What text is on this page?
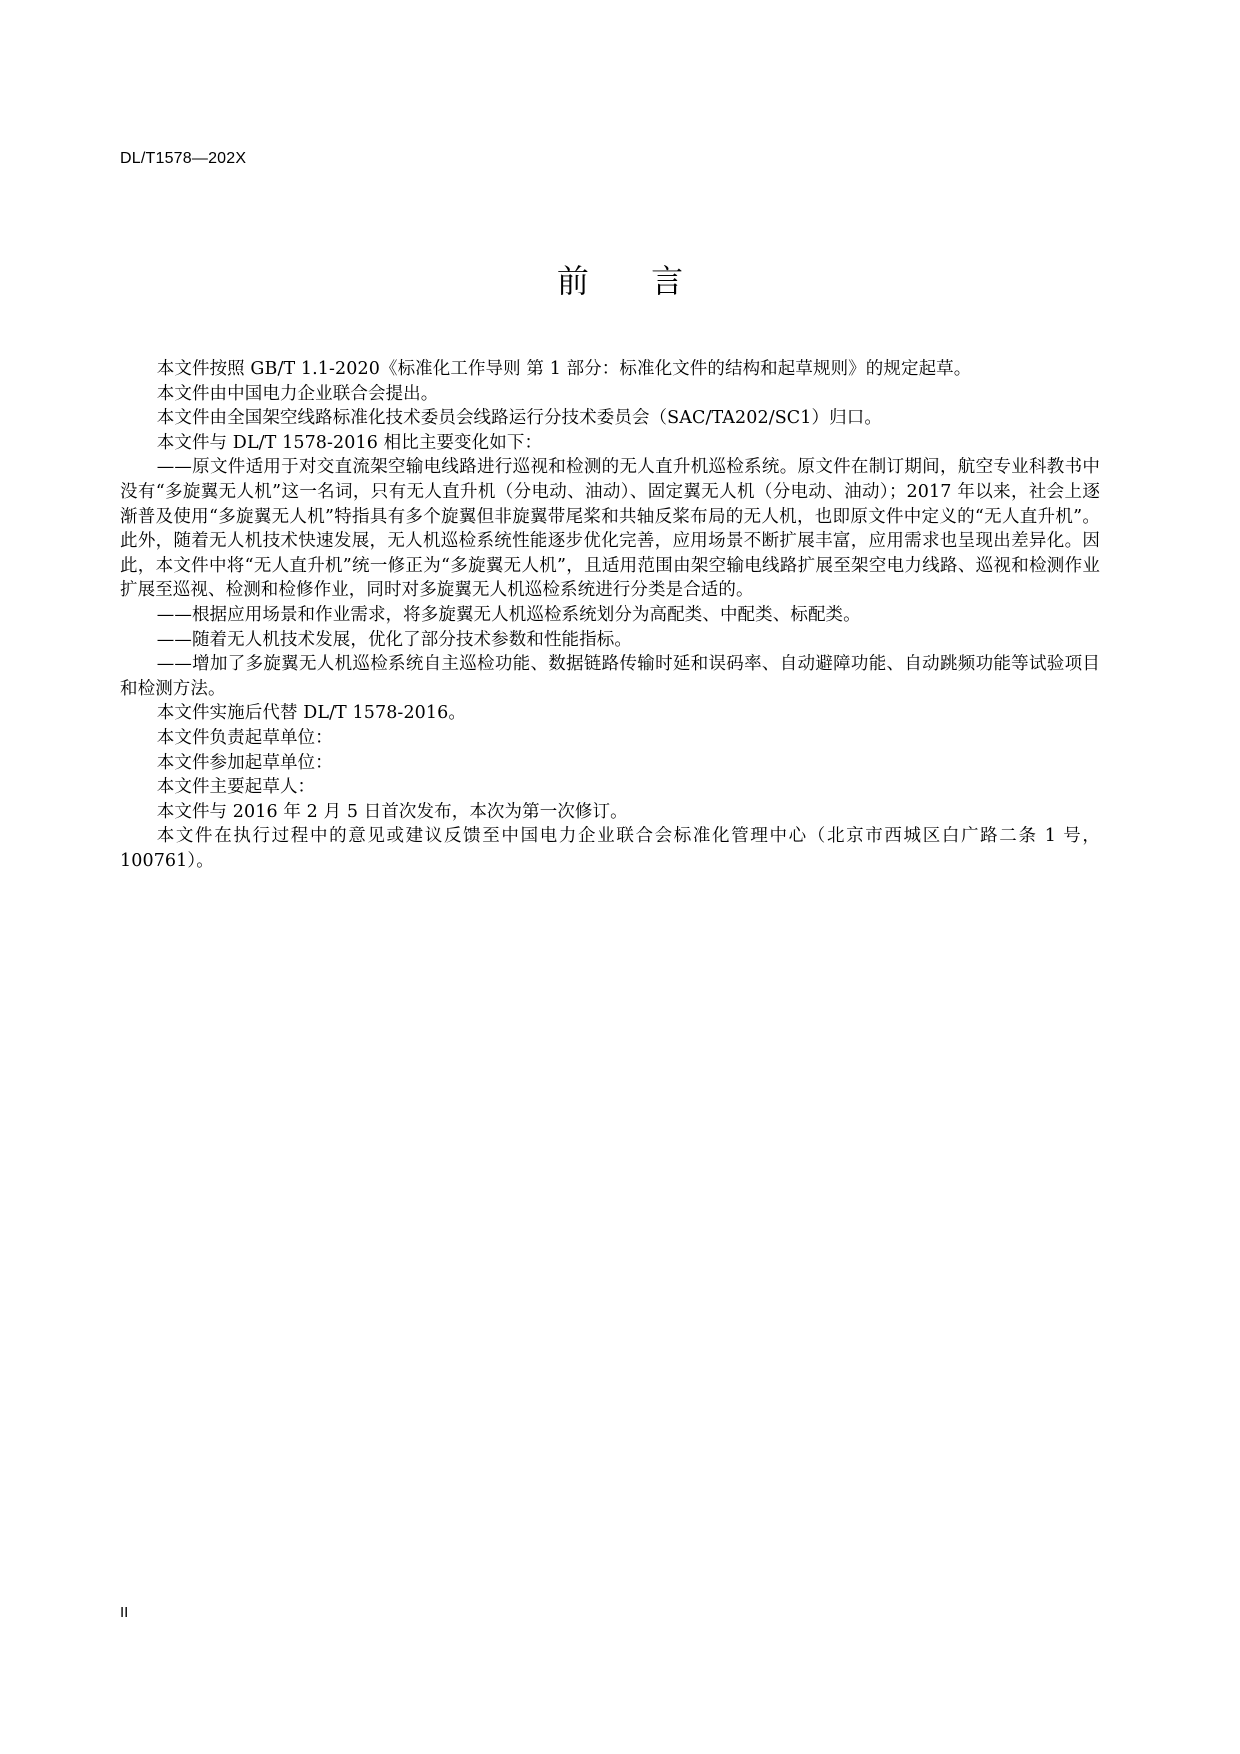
DL/T1578—202X
前 言

本文件按照 GB/T 1.1-2020《标准化工作导则 第 1 部分：标准化文件的结构和起草规则》的规定起草。

本文件由中国电力企业联合会提出。

本文件由全国架空线路标准化技术委员会线路运行分技术委员会（SAC/TA202/SC1）归口。

本文件与 DL/T 1578-2016 相比主要变化如下：

——原文件适用于对交直流架空输电线路进行巡视和检测的无人直升机巡检系统。原文件在制订期间，航空专业科教书中没有“多旋翼无人机”这一名词，只有无人直升机（分电动、油动）、固定翼无人机（分电动、油动）；2017 年以来，社会上逐渐普及使用“多旋翼无人机”特指具有多个旋翼但非旋翼带尾桨和共轴反桨布局的无人机，也即原文件中定义的“无人直升机”。此外，随着无人机技术快速发展，无人机巡检系统性能逐步优化完善，应用场景不断扩展丰富，应用需求也呈现出差异化。因此，本文件中将“无人直升机”统一修正为“多旋翼无人机”，且适用范围由架空输电线路扩展至架空电力线路、巡视和检测作业扩展至巡视、检测和检修作业，同时对多旋翼无人机巡检系统进行分类是合适的。

——根据应用场景和作业需求，将多旋翼无人机巡检系统划分为高配类、中配类、标配类。

——随着无人机技术发展，优化了部分技术参数和性能指标。

——增加了多旋翼无人机巡检系统自主巡检功能、数据链路传输时延和误码率、自动避障功能、自动跳频功能等试验项目和检测方法。

本文件实施后代替 DL/T 1578-2016。

本文件负责起草单位：

本文件参加起草单位：

本文件主要起草人：

本文件与 2016 年 2 月 5 日首次发布，本次为第一次修订。

本文件在执行过程中的意见或建议反馈至中国电力企业联合会标准化管理中心（北京市西城区白广路二条 1 号，100761）。

II
